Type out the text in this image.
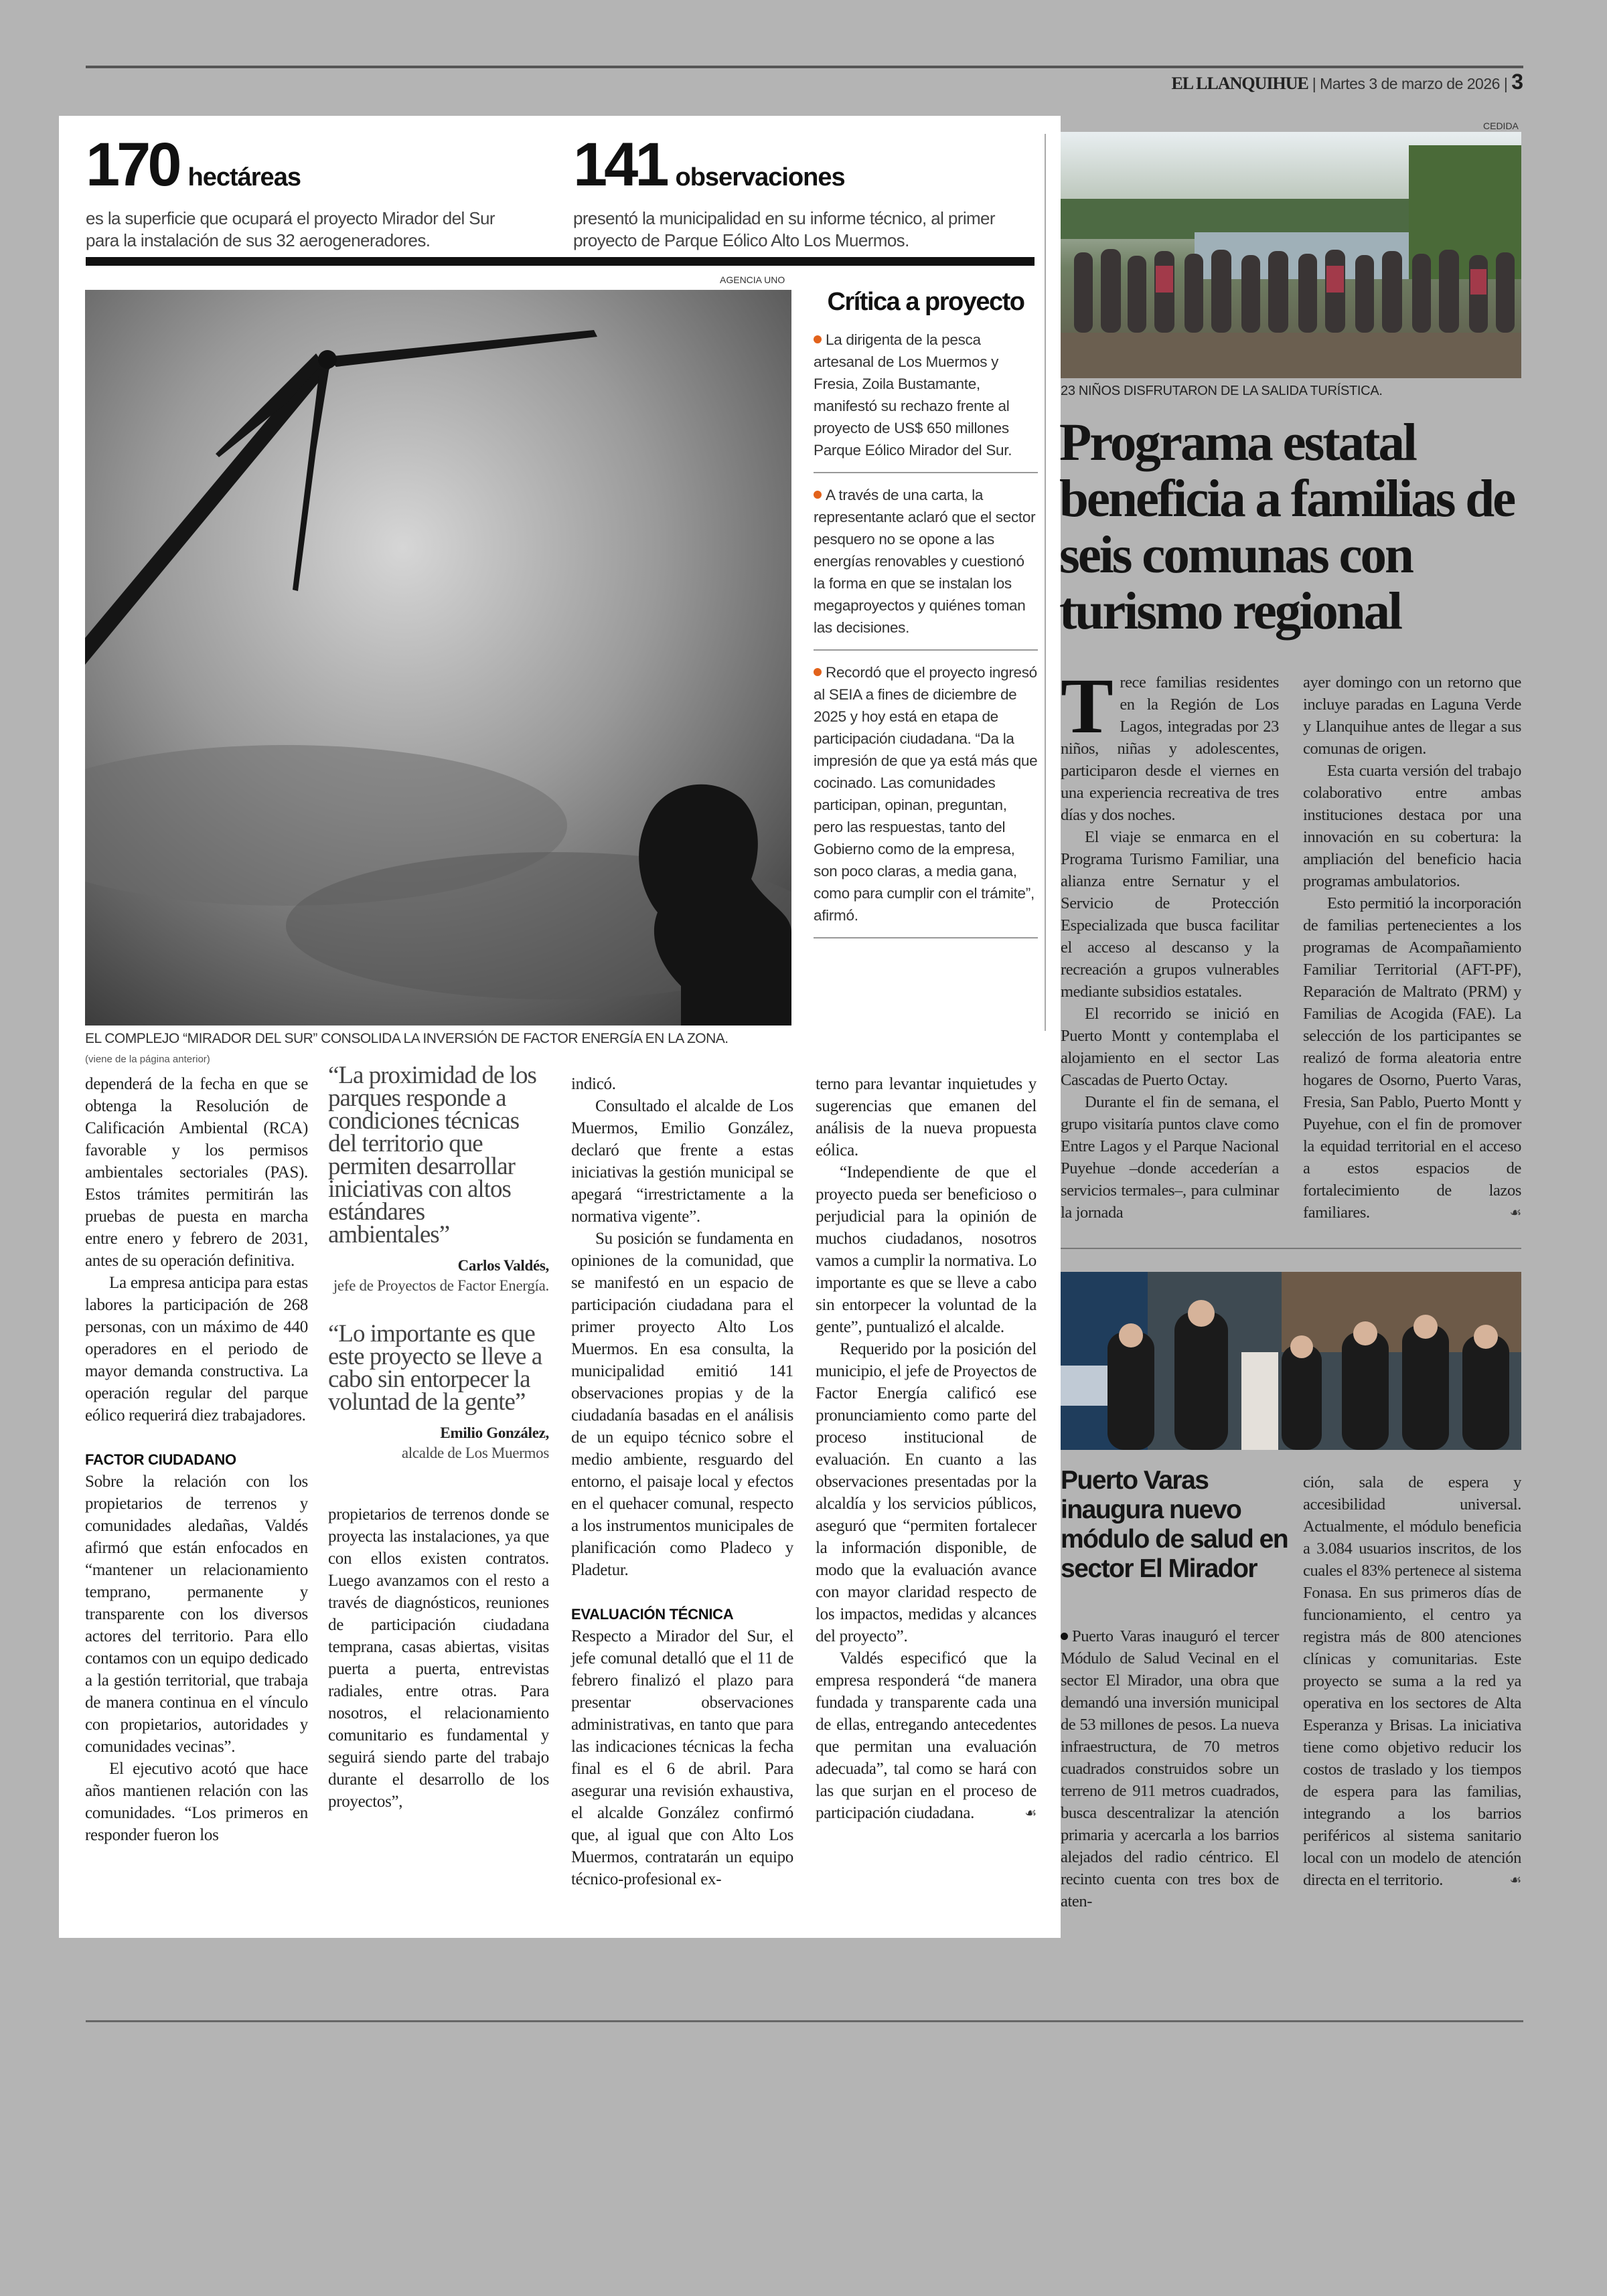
EL LLANQUIHUE | Martes 3 de marzo de 2026 | 3
170 hectáreas
es la superficie que ocupará el proyecto Mirador del Sur para la instalación de sus 32 aerogeneradores.
141 observaciones
presentó la municipalidad en su informe técnico, al primer proyecto de Parque Eólico Alto Los Muermos.
AGENCIA UNO
Crítica a proyecto
La dirigenta de la pesca artesanal de Los Muermos y Fresia, Zoila Bustamante, manifestó su rechazo frente al proyecto de US$ 650 millones Parque Eólico Mirador del Sur.
A través de una carta, la representante aclaró que el sector pesquero no se opone a las energías renovables y cuestionó la forma en que se instalan los megaproyectos y quiénes toman las decisiones.
Recordó que el proyecto ingresó al SEIA a fines de diciembre de 2025 y hoy está en etapa de participación ciudadana. “Da la impresión de que ya está más que cocinado. Las comunidades participan, opinan, preguntan, pero las respuestas, tanto del Gobierno como de la empresa, son poco claras, a media gana, como para cumplir con el trámite”, afirmó.
EL COMPLEJO “MIRADOR DEL SUR” CONSOLIDA LA INVERSIÓN DE FACTOR ENERGÍA EN LA ZONA.
(viene de la página anterior)

dependerá de la fecha en que se obtenga la Resolución de Calificación Ambiental (RCA) favorable y los permisos ambientales sectoriales (PAS). Estos trámites permitirán las pruebas de puesta en marcha entre enero y febrero de 2031, antes de su operación definitiva.

La empresa anticipa para estas labores la participación de 268 personas, con un máximo de 440 operadores en el periodo de mayor demanda constructiva. La operación regular del parque eólico requerirá diez trabajadores.

FACTOR CIUDADANO

Sobre la relación con los propietarios de terrenos y comunidades aledañas, Valdés afirmó que están enfocados en “mantener un relacionamiento temprano, permanente y transparente con los diversos actores del territorio. Para ello contamos con un equipo dedicado a la gestión territorial, que trabaja de manera continua en el vínculo con propietarios, autoridades y comunidades vecinas”.

El ejecutivo acotó que hace años mantienen relación con las comunidades. “Los primeros en responder fueron los

“La proximidad de los parques responde a condiciones técnicas del territorio que permiten desarrollar iniciativas con altos estándares ambientales”
Carlos Valdés,
jefe de Proyectos de Factor Energía.
“Lo importante es que este proyecto se lleve a cabo sin entorpecer la voluntad de la gente”
Emilio González,
alcalde de Los Muermos

propietarios de terrenos donde se proyecta las instalaciones, ya que con ellos existen contratos. Luego avanzamos con el resto a través de diagnósticos, reuniones de participación ciudadana temprana, casas abiertas, visitas puerta a puerta, entrevistas radiales, entre otras. Para nosotros, el relacionamiento comunitario es fundamental y seguirá siendo parte del trabajo durante el desarrollo de los proyectos”,

indicó.

Consultado el alcalde de Los Muermos, Emilio González, declaró que frente a estas iniciativas la gestión municipal se apegará “irrestrictamente a la normativa vigente”.

Su posición se fundamenta en opiniones de la comunidad, que se manifestó en un espacio de participación ciudadana para el primer proyecto Alto Los Muermos. En esa consulta, la municipalidad emitió 141 observaciones propias y de la ciudadanía basadas en el análisis de un equipo técnico sobre el medio ambiente, resguardo del entorno, el paisaje local y efectos en el quehacer comunal, respecto a los instrumentos municipales de planificación como Pladeco y Pladetur.

EVALUACIÓN TÉCNICA

Respecto a Mirador del Sur, el jefe comunal detalló que el 11 de febrero finalizó el plazo para presentar observaciones administrativas, en tanto que para las indicaciones técnicas la fecha final es el 6 de abril. Para asegurar una revisión exhaustiva, el alcalde González confirmó que, al igual que con Alto Los Muermos, contratarán un equipo técnico-profesional ex-

terno para levantar inquietudes y sugerencias que emanen del análisis de la nueva propuesta eólica.

“Independiente de que el proyecto pueda ser beneficioso o perjudicial para la opinión de muchos ciudadanos, nosotros vamos a cumplir la normativa. Lo importante es que se lleve a cabo sin entorpecer la voluntad de la gente”, puntualizó el alcalde.

Requerido por la posición del municipio, el jefe de Proyectos de Factor Energía calificó ese pronunciamiento como parte del proceso institucional de evaluación. En cuanto a las observaciones presentadas por la alcaldía y los servicios públicos, aseguró que “permiten fortalecer la información disponible, de modo que la evaluación avance con mayor claridad respecto de los impactos, medidas y alcances del proyecto”.

Valdés especificó que la empresa responderá “de manera fundada y transparente cada una de ellas, entregando antecedentes que permitan una evaluación adecuada”, tal como se hará con las que surjan en el proceso de participación ciudadana.	☙

CEDIDA
23 NIÑOS DISFRUTARON DE LA SALIDA TURÍSTICA.
Programa estatal beneficia a familias de seis comunas con turismo regional

Trece familias residentes en la Región de Los Lagos, integradas por 23 niños, niñas y adolescentes, participaron desde el viernes en una experiencia recreativa de tres días y dos noches.

El viaje se enmarca en el Programa Turismo Familiar, una alianza entre Sernatur y el Servicio de Protección Especializada que busca facilitar el acceso al descanso y la recreación a grupos vulnerables mediante subsidios estatales.

El recorrido se inició en Puerto Montt y contemplaba el alojamiento en el sector Las Cascadas de Puerto Octay.

Durante el fin de semana, el grupo visitaría puntos clave como Entre Lagos y el Parque Nacional Puyehue –donde accederían a servicios termales–, para culminar la jornada

ayer domingo con un retorno que incluye paradas en Laguna Verde y Llanquihue antes de llegar a sus comunas de origen.

Esta cuarta versión del trabajo colaborativo entre ambas instituciones destaca por una innovación en su cobertura: la ampliación del beneficio hacia programas ambulatorios.

Esto permitió la incorporación de familias pertenecientes a los programas de Acompañamiento Familiar Territorial (AFT-PF), Reparación de Maltrato (PRM) y Familias de Acogida (FAE). La selección de los participantes se realizó de forma aleatoria entre hogares de Osorno, Puerto Varas, Fresia, San Pablo, Puerto Montt y Puyehue, con el fin de promover la equidad territorial en el acceso a estos espacios de fortalecimiento de lazos familiares.	☙

Puerto Varas inaugura nuevo módulo de salud en sector El Mirador

Puerto Varas inauguró el tercer Módulo de Salud Vecinal en el sector El Mirador, una obra que demandó una inversión municipal de 53 millones de pesos. La nueva infraestructura, de 70 metros cuadrados construidos sobre un terreno de 911 metros cuadrados, busca descentralizar la atención primaria y acercarla a los barrios alejados del radio céntrico. El recinto cuenta con tres box de aten-

ción, sala de espera y accesibilidad universal. Actualmente, el módulo beneficia a 3.084 usuarios inscritos, de los cuales el 83% pertenece al sistema Fonasa. En sus primeros días de funcionamiento, el centro ya registra más de 800 atenciones clínicas y comunitarias. Este proyecto se suma a la red ya operativa en los sectores de Alta Esperanza y Brisas. La iniciativa tiene como objetivo reducir los costos de traslado y los tiempos de espera para las familias, integrando a los barrios periféricos al sistema sanitario local con un modelo de atención directa en el territorio.	☙
